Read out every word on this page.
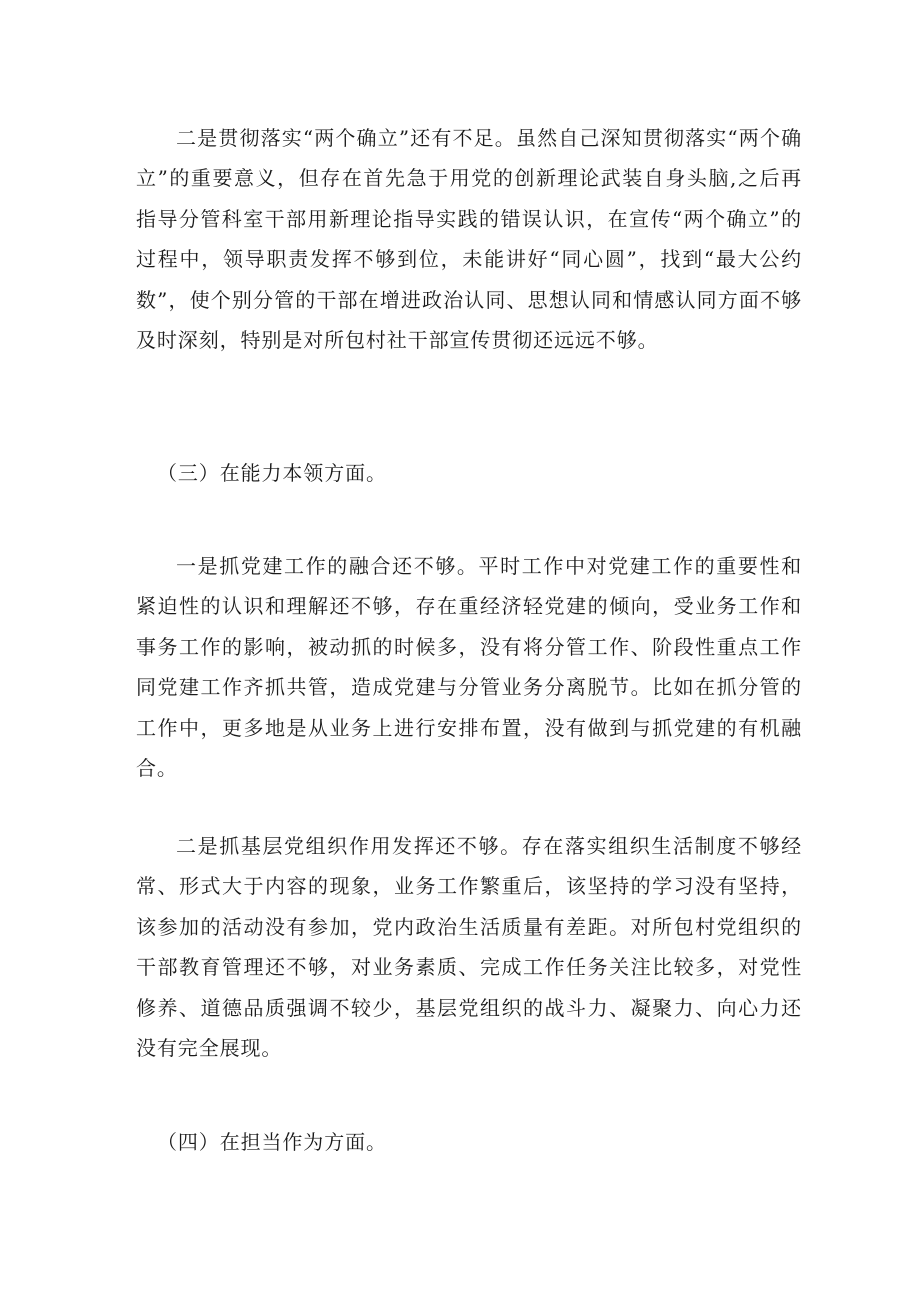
二是贯彻落实“两个确立”还有不足。虽然自己深知贯彻落实“两个确立”的重要意义，但存在首先急于用党的创新理论武装自身头脑,之后再指导分管科室干部用新理论指导实践的错误认识，在宣传“两个确立”的过程中，领导职责发挥不够到位，未能讲好“同心圆”，找到“最大公约数”，使个别分管的干部在增进政治认同、思想认同和情感认同方面不够及时深刻，特别是对所包村社干部宣传贯彻还远远不够。

（三）在能力本领方面。

一是抓党建工作的融合还不够。平时工作中对党建工作的重要性和紧迫性的认识和理解还不够，存在重经济轻党建的倾向，受业务工作和事务工作的影响，被动抓的时候多，没有将分管工作、阶段性重点工作同党建工作齐抓共管，造成党建与分管业务分离脱节。比如在抓分管的工作中，更多地是从业务上进行安排布置，没有做到与抓党建的有机融合。

二是抓基层党组织作用发挥还不够。存在落实组织生活制度不够经常、形式大于内容的现象，业务工作繁重后，该坚持的学习没有坚持，该参加的活动没有参加，党内政治生活质量有差距。对所包村党组织的干部教育管理还不够，对业务素质、完成工作任务关注比较多，对党性修养、道德品质强调不较少，基层党组织的战斗力、凝聚力、向心力还没有完全展现。

（四）在担当作为方面。
